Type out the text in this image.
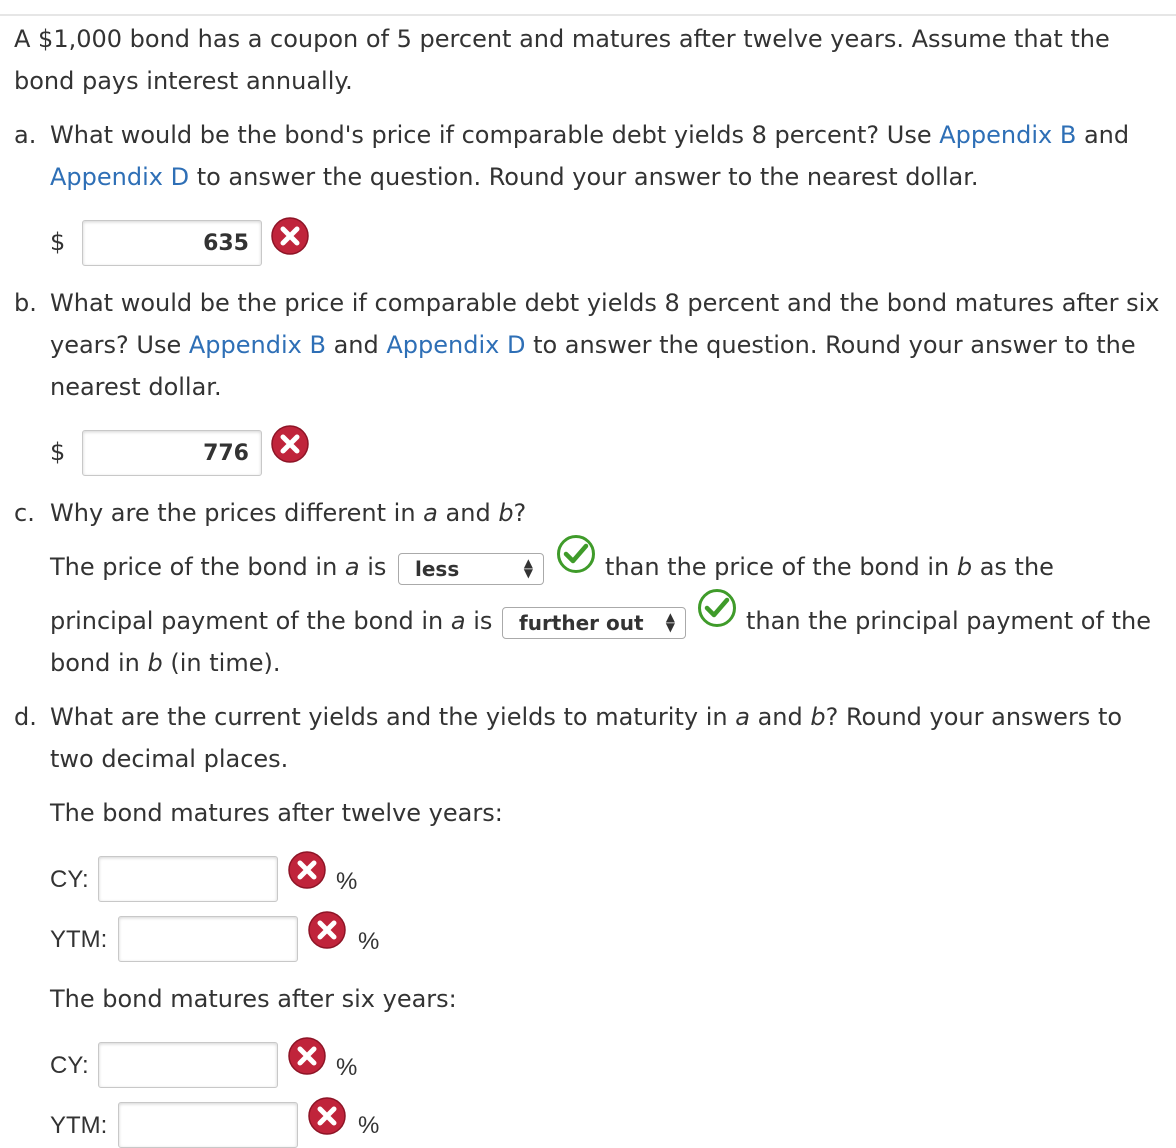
A $1,000 bond has a coupon of 5 percent and matures after twelve years. Assume that the
bond pays interest annually.
a. What would be the bond's price if comparable debt yields 8 percent? Use Appendix B and
Appendix D to answer the question. Round your answer to the nearest dollar.
$	635
b. What would be the price if comparable debt yields 8 percent and the bond matures after six
years? Use Appendix B and Appendix D to answer the question. Round your answer to the
nearest dollar.
$	776
c. Why are the prices different in a and b?
The price of the bond in a is	less	▲
▼	than the price of the bond in b as the
principal payment of the bond in a is	further out ▲
▼	than the principal payment of the
bond in b (in time).
d. What are the current yields and the yields to maturity in a and b? Round your answers to
two decimal places.
The bond matures after twelve years:
CY:	%
YTM:	%
The bond matures after six years:
CY:	%
YTM:	%
